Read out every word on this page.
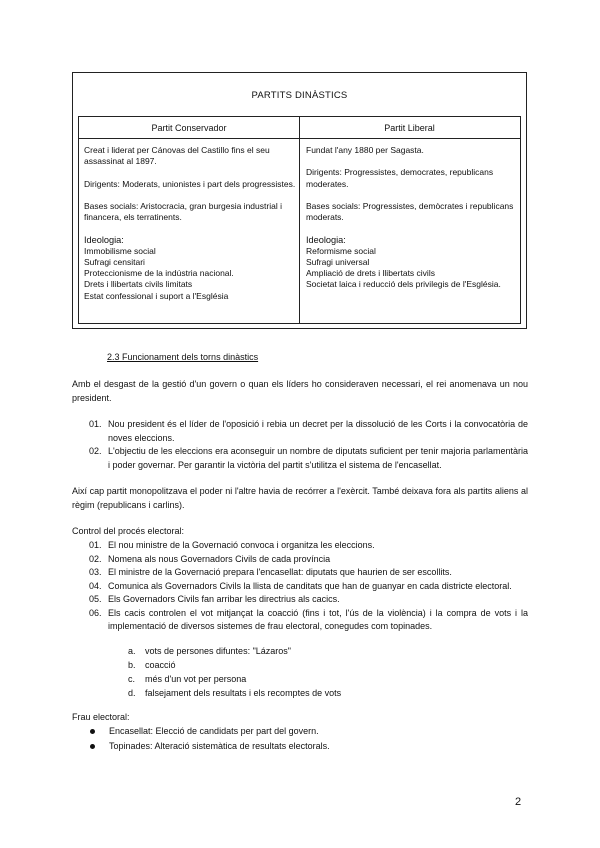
PARTITS DINÀSTICS
Partit Conservador	Partit Liberal

Creat i liderat per Cánovas del Castillo fins el seu assassinat al 1897.

Dirigents: Moderats, unionistes i part dels progressistes.

Bases socials: Aristocracia, gran burgesia industrial i financera, els terratinents.

Ideologia:

Immobilisme social

Sufragi censitari

Proteccionisme de la indústria nacional.

Drets i llibertats civils limitats

Estat confessional i suport a l'Església

Fundat l'any 1880 per Sagasta.

Dirigents: Progressistes, democrates, republicans moderates.

Bases socials: Progressistes, demòcrates i republicans moderats.

Ideologia:

Reformisme social

Sufragi universal

Ampliació de drets i llibertats civils

Societat laica i reducció dels privilegis de l'Església.

2.3 Funcionament dels torns dinàstics
Amb el desgast de la gestió d'un govern o quan els líders ho consideraven necessari, el rei anomenava un nou president.
01. Nou president és el líder de l'oposició i rebia un decret per la dissolució de les Corts i la convocatòria de noves eleccions.
02. L'objectiu de les eleccions era aconseguir un nombre de diputats suficient per tenir majoria parlamentària i poder governar. Per garantir la victòria del partit s'utilitza el sistema de l'encasellat.
Així cap partit monopolitzava el poder ni l'altre havia de recórrer a l'exèrcit. També deixava fora als partits aliens al règim (republicans i carlins).
Control del procés electoral:
01. El nou ministre de la Governació convoca i organitza les eleccions.
02. Nomena als nous Governadors Civils de cada província
03. El ministre de la Governació prepara l'encasellat: diputats que haurien de ser escollits.
04. Comunica als Governadors Civils la llista de canditats que han de guanyar en cada districte electoral.
05. Els Governadors Civils fan arribar les directrius als cacics.
06. Els cacis controlen el vot mitjançat la coacció (fins i tot, l'ús de la violència) i la compra de vots i la implementació de diversos sistemes de frau electoral, conegudes com topinades.
a. vots de persones difuntes: "Lázaros"
b. coacció
c. més d'un vot per persona
d. falsejament dels resultats i els recomptes de vots
Frau electoral:
Encasellat: Elecció de candidats per part del govern.
Topinades: Alteració sistemàtica de resultats electorals.
2
